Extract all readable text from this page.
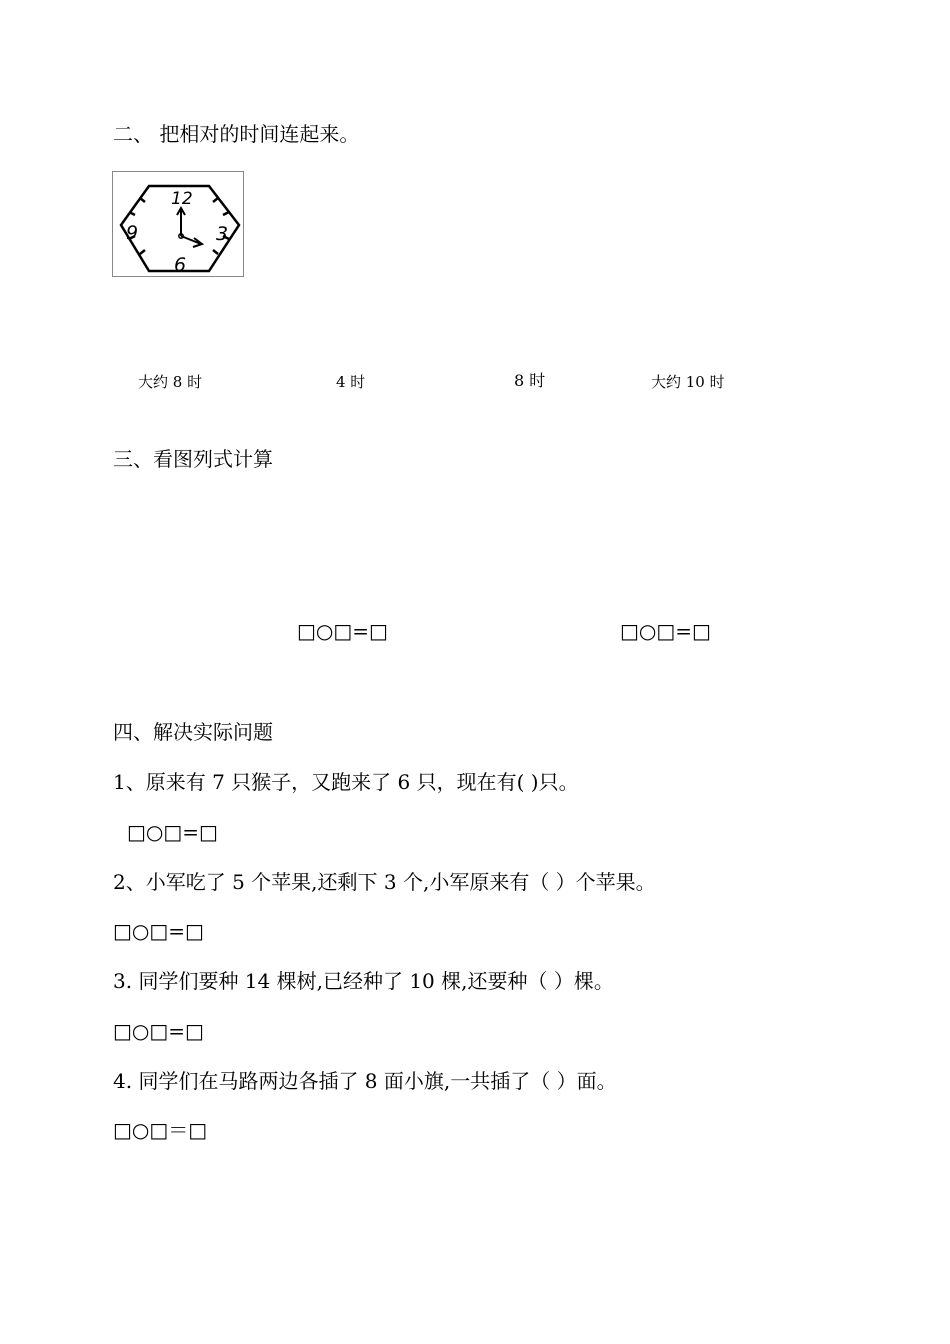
二、 把相对的时间连起来。
12
3
6
9
大约 8 时	4 时	8 时	大约 10 时
三、看图列式计算
□○□=□	□○□=□
四、解决实际问题
1、原来有 7 只猴子，又跑来了 6 只，现在有( )只。
□○□=□
2、小军吃了 5 个苹果,还剩下 3 个,小军原来有（ ）个苹果。
□○□=□
3. 同学们要种 14 棵树,已经种了 10 棵,还要种（ ）棵。
□○□=□
4. 同学们在马路两边各插了 8 面小旗,一共插了（ ）面。
□○□＝□
